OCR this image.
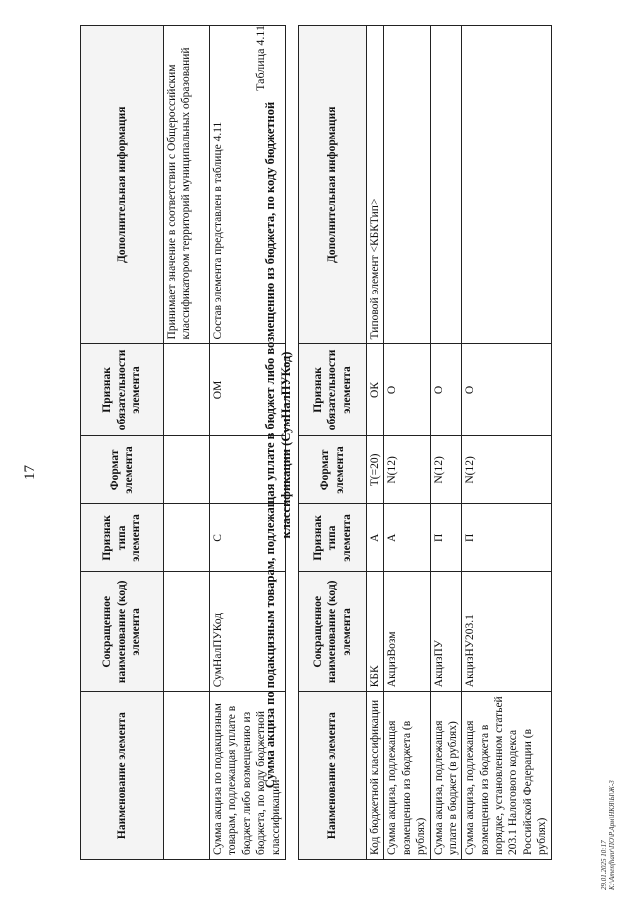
17
Наименование элемента	Сокращенное наименование (код) элемента	Признак типа элемента	Формат элемента	Признак обязательности элемента	Дополнительная информация
					Принимает значение в соответствии с Общероссийским классификатором территорий муниципальных образований
Сумма акциза по подакцизным товарам, подлежащая уплате в бюджет либо возмещению из бюджета, по коду бюджетной классификации	СумНалПУКод	С		ОМ	Состав элемента представлен в таблице 4.11
Таблица 4.11
Сумма акциза по подакцизным товарам, подлежащая уплате в бюджет либо возмещению из бюджета, по коду бюджетной классификации (СумНалПУКод)
Наименование элемента	Сокращенное наименование (код) элемента	Признак типа элемента	Формат элемента	Признак обязательности элемента	Дополнительная информация
Код бюджетной классификации	КБК	А	T(=20)	ОК	Типовой элемент <КБКТип>
Сумма акциза, подлежащая возмещению из бюджета (в рублях)	АкцизВозм	А	N(12)	О	
Сумма акциза, подлежащая уплате в бюджет (в рублях)	АкцизПУ	П	N(12)	О	
Сумма акциза, подлежащая возмещению из бюджета в порядке, установленном статьей 203.1 Налогового кодекса Российской Федерации (в рублях)	АкцизНУ203.1	П	N(12)	О	
29.01.2025 10:17 K:\Amenfhanr\ПО\Р.Арм\НКЯ\Ы\Ж-3
